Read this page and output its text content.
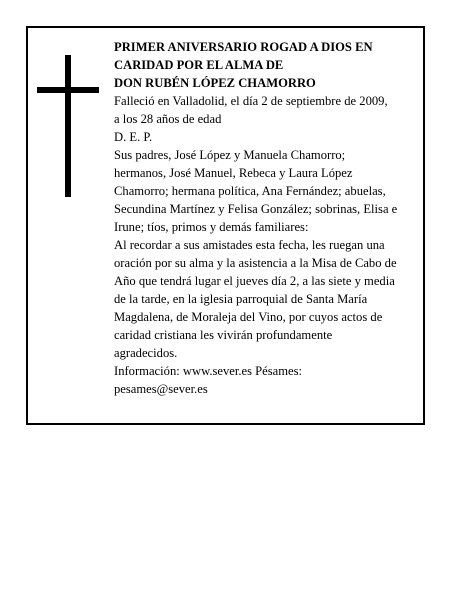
PRIMER ANIVERSARIO ROGAD A DIOS EN
CARIDAD POR EL ALMA DE
DON RUBÉN LÓPEZ CHAMORRO
Falleció en Valladolid, el día 2 de septiembre de 2009,
a los 28 años de edad
D. E. P.
Sus padres, José López y Manuela Chamorro;
hermanos, José Manuel, Rebeca y Laura López
Chamorro; hermana política, Ana Fernández; abuelas,
Secundina Martínez y Felisa González; sobrinas, Elisa e
Irune; tíos, primos y demás familiares:
Al recordar a sus amistades esta fecha, les ruegan una
oración por su alma y la asistencia a la Misa de Cabo de
Año que tendrá lugar el jueves día 2, a las siete y media
de la tarde, en la iglesia parroquial de Santa María
Magdalena, de Moraleja del Vino, por cuyos actos de
caridad cristiana les vivirán profundamente
agradecidos.
Información: www.sever.es Pésames:
pesames@sever.es
